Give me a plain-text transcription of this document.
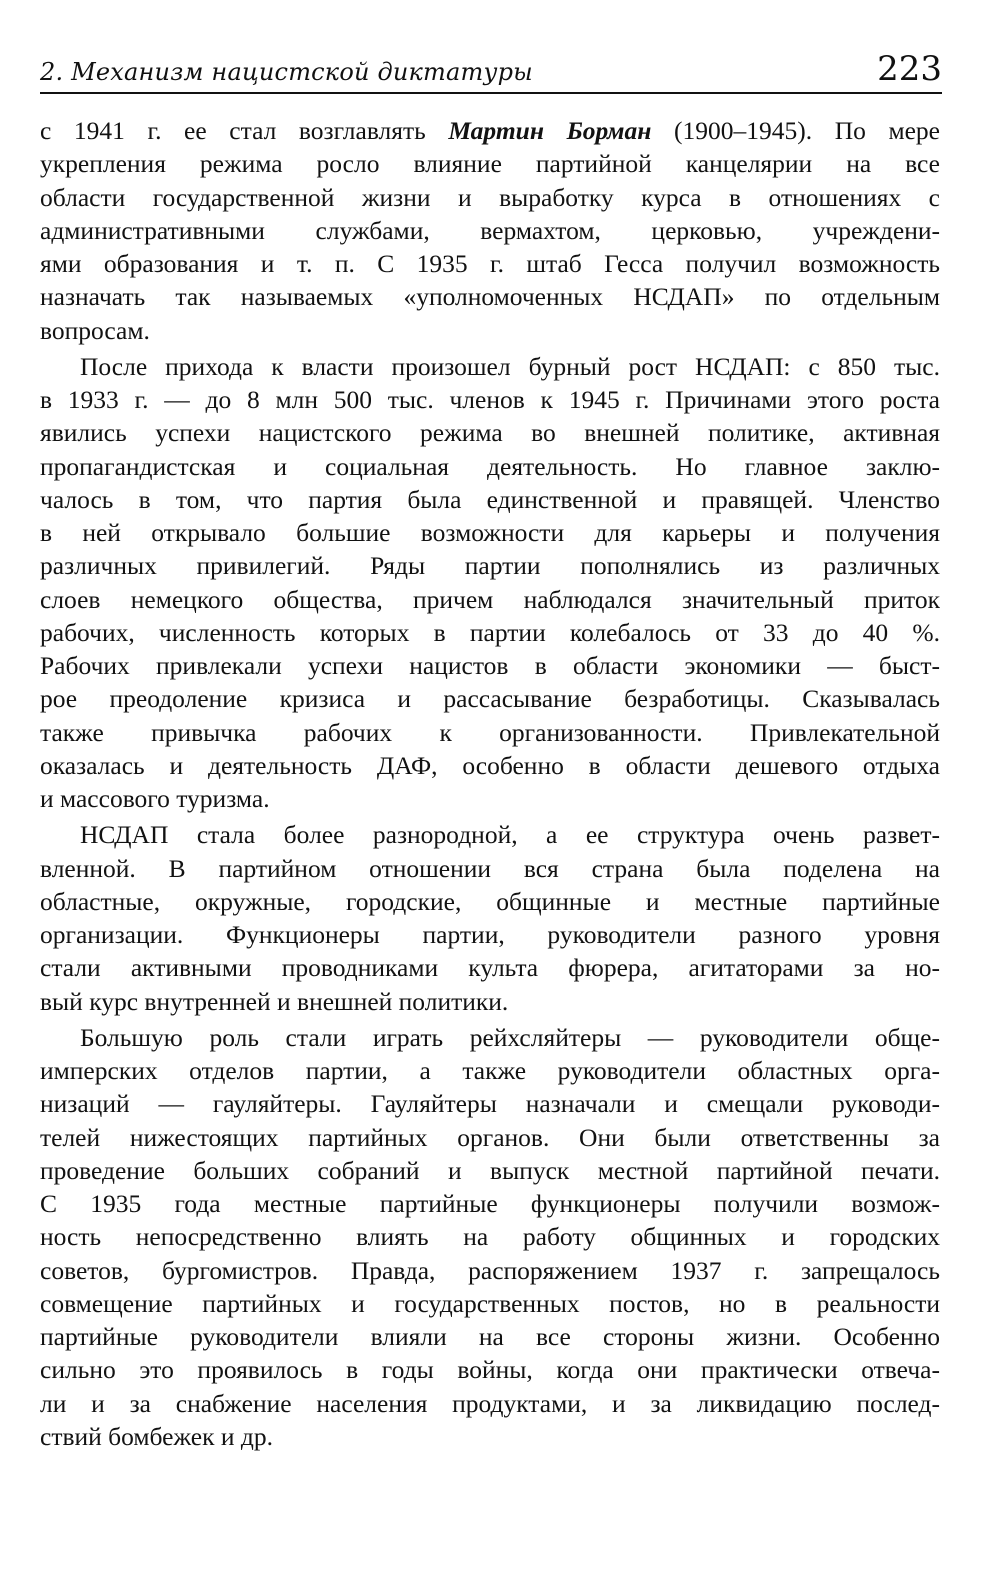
2. Механизм нацистской диктатуры	223
с 1941 г. ее стал возглавлять Мартин Борман (1900–1945). По мере
укрепления режима росло влияние партийной канцелярии на все
области государственной жизни и выработку курса в отношениях с
административными службами, вермахтом, церковью, учреждени-
ями образования и т. п. С 1935 г. штаб Гесса получил возможность
назначать так называемых «уполномоченных НСДАП» по отдельным
вопросам.
После прихода к власти произошел бурный рост НСДАП: с 850 тыс.
в 1933 г. — до 8 млн 500 тыс. членов к 1945 г. Причинами этого роста
явились успехи нацистского режима во внешней политике, активная
пропагандистская и социальная деятельность. Но главное заклю-
чалось в том, что партия была единственной и правящей. Членство
в ней открывало большие возможности для карьеры и получения
различных привилегий. Ряды партии пополнялись из различных
слоев немецкого общества, причем наблюдался значительный приток
рабочих, численность которых в партии колебалось от 33 до 40 %.
Рабочих привлекали успехи нацистов в области экономики — быст-
рое преодоление кризиса и рассасывание безработицы. Сказывалась
также привычка рабочих к организованности. Привлекательной
оказалась и деятельность ДАФ, особенно в области дешевого отдыха
и массового туризма.
НСДАП стала более разнородной, а ее структура очень развет-
вленной. В партийном отношении вся страна была поделена на
областные, окружные, городские, общинные и местные партийные
организации. Функционеры партии, руководители разного уровня
стали активными проводниками культа фюрера, агитаторами за но-
вый курс внутренней и внешней политики.
Большую роль стали играть рейхсляйтеры — руководители обще-
имперских отделов партии, а также руководители областных орга-
низаций — гауляйтеры. Гауляйтеры назначали и смещали руководи-
телей нижестоящих партийных органов. Они были ответственны за
проведение больших собраний и выпуск местной партийной печати.
С 1935 года местные партийные функционеры получили возмож-
ность непосредственно влиять на работу общинных и городских
советов, бургомистров. Правда, распоряжением 1937 г. запрещалось
совмещение партийных и государственных постов, но в реальности
партийные руководители влияли на все стороны жизни. Особенно
сильно это проявилось в годы войны, когда они практически отвеча-
ли и за снабжение населения продуктами, и за ликвидацию послед-
ствий бомбежек и др.
